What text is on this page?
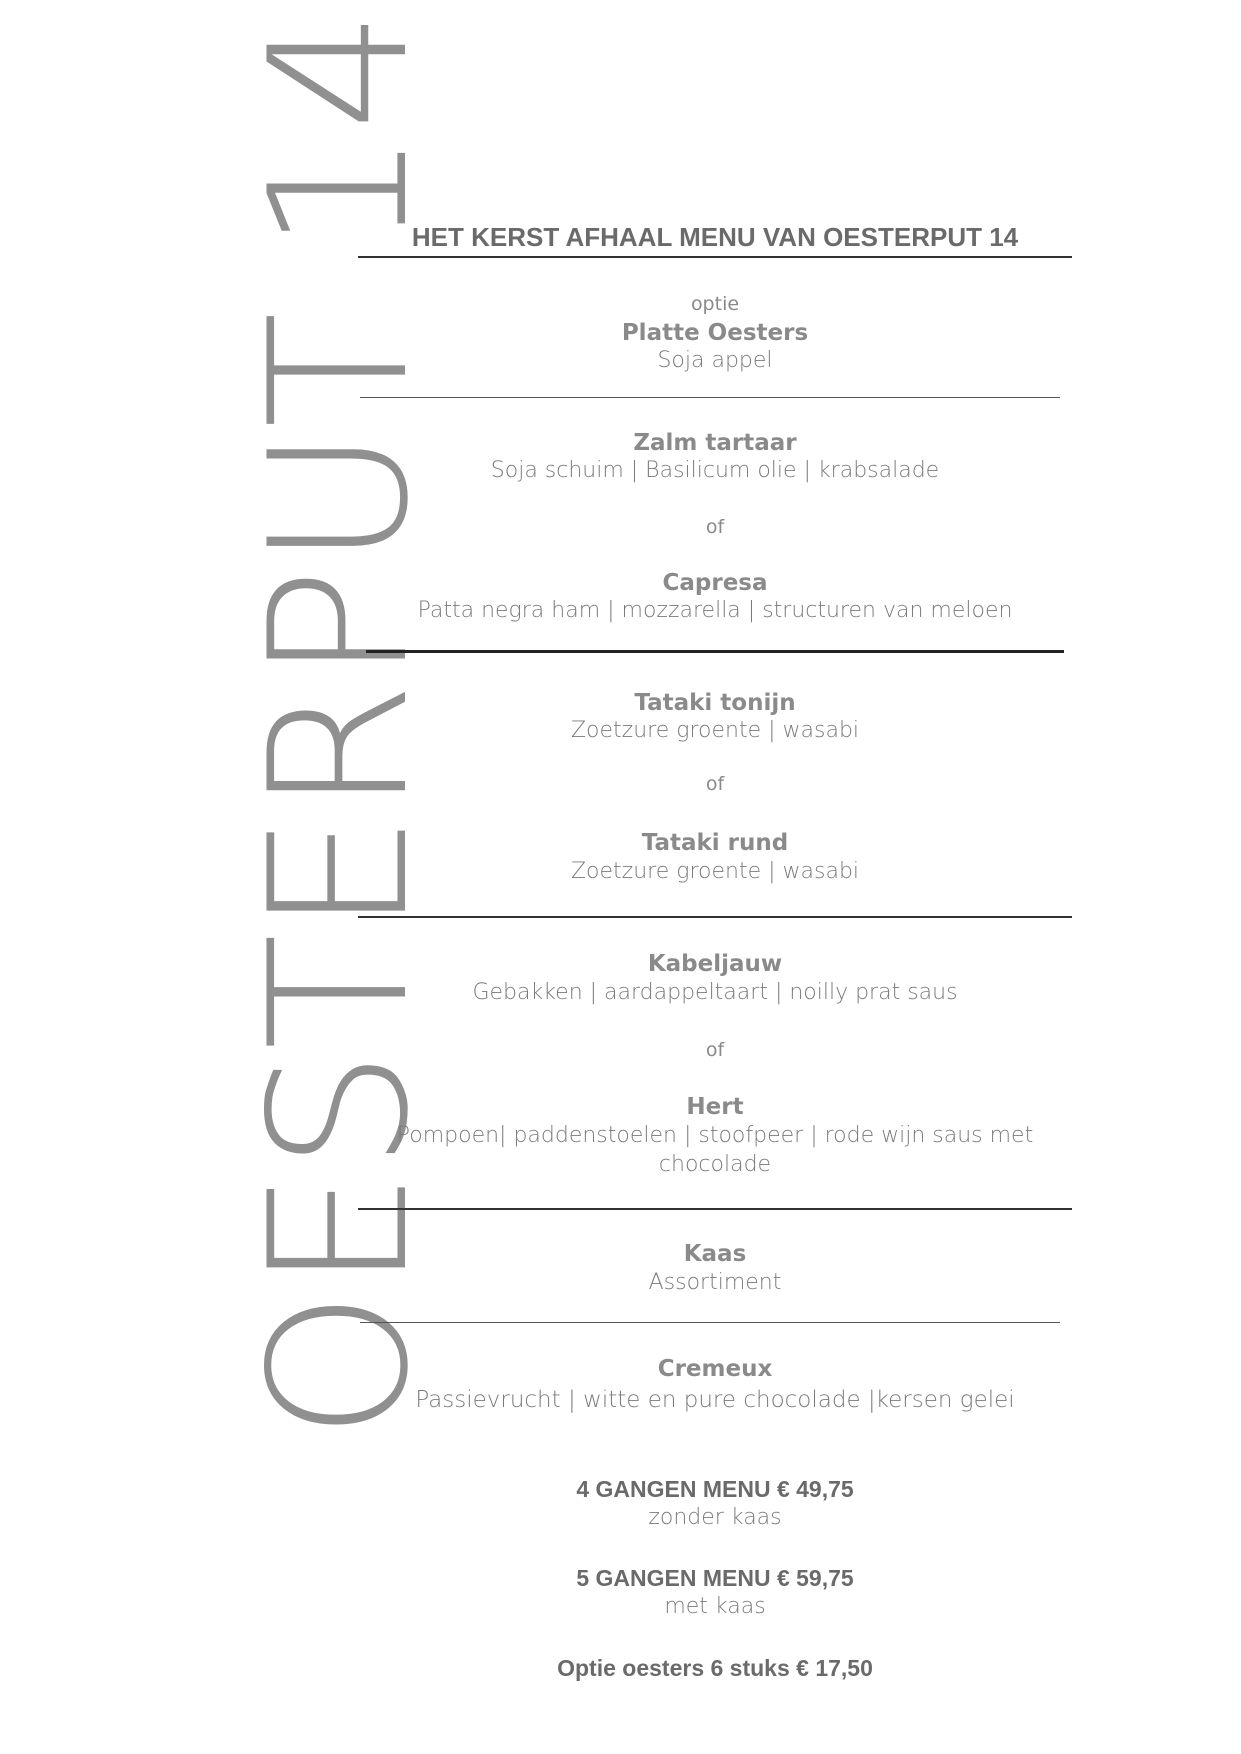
OESTERPUT 14
HET KERST AFHAAL MENU VAN OESTERPUT 14
optie
Platte Oesters
Soja appel
Zalm tartaar
Soja schuim | Basilicum olie | krabsalade
of
Capresa
Patta negra ham | mozzarella | structuren van meloen
Tataki tonijn
Zoetzure groente | wasabi
of
Tataki rund
Zoetzure groente | wasabi
Kabeljauw
Gebakken | aardappeltaart | noilly prat saus
of
Hert
Pompoen| paddenstoelen | stoofpeer | rode wijn saus met
chocolade
Kaas
Assortiment
Cremeux
Passievrucht | witte en pure chocolade |kersen gelei
4 GANGEN MENU € 49,75
zonder kaas
5 GANGEN MENU € 59,75
met kaas
Optie oesters 6 stuks € 17,50
